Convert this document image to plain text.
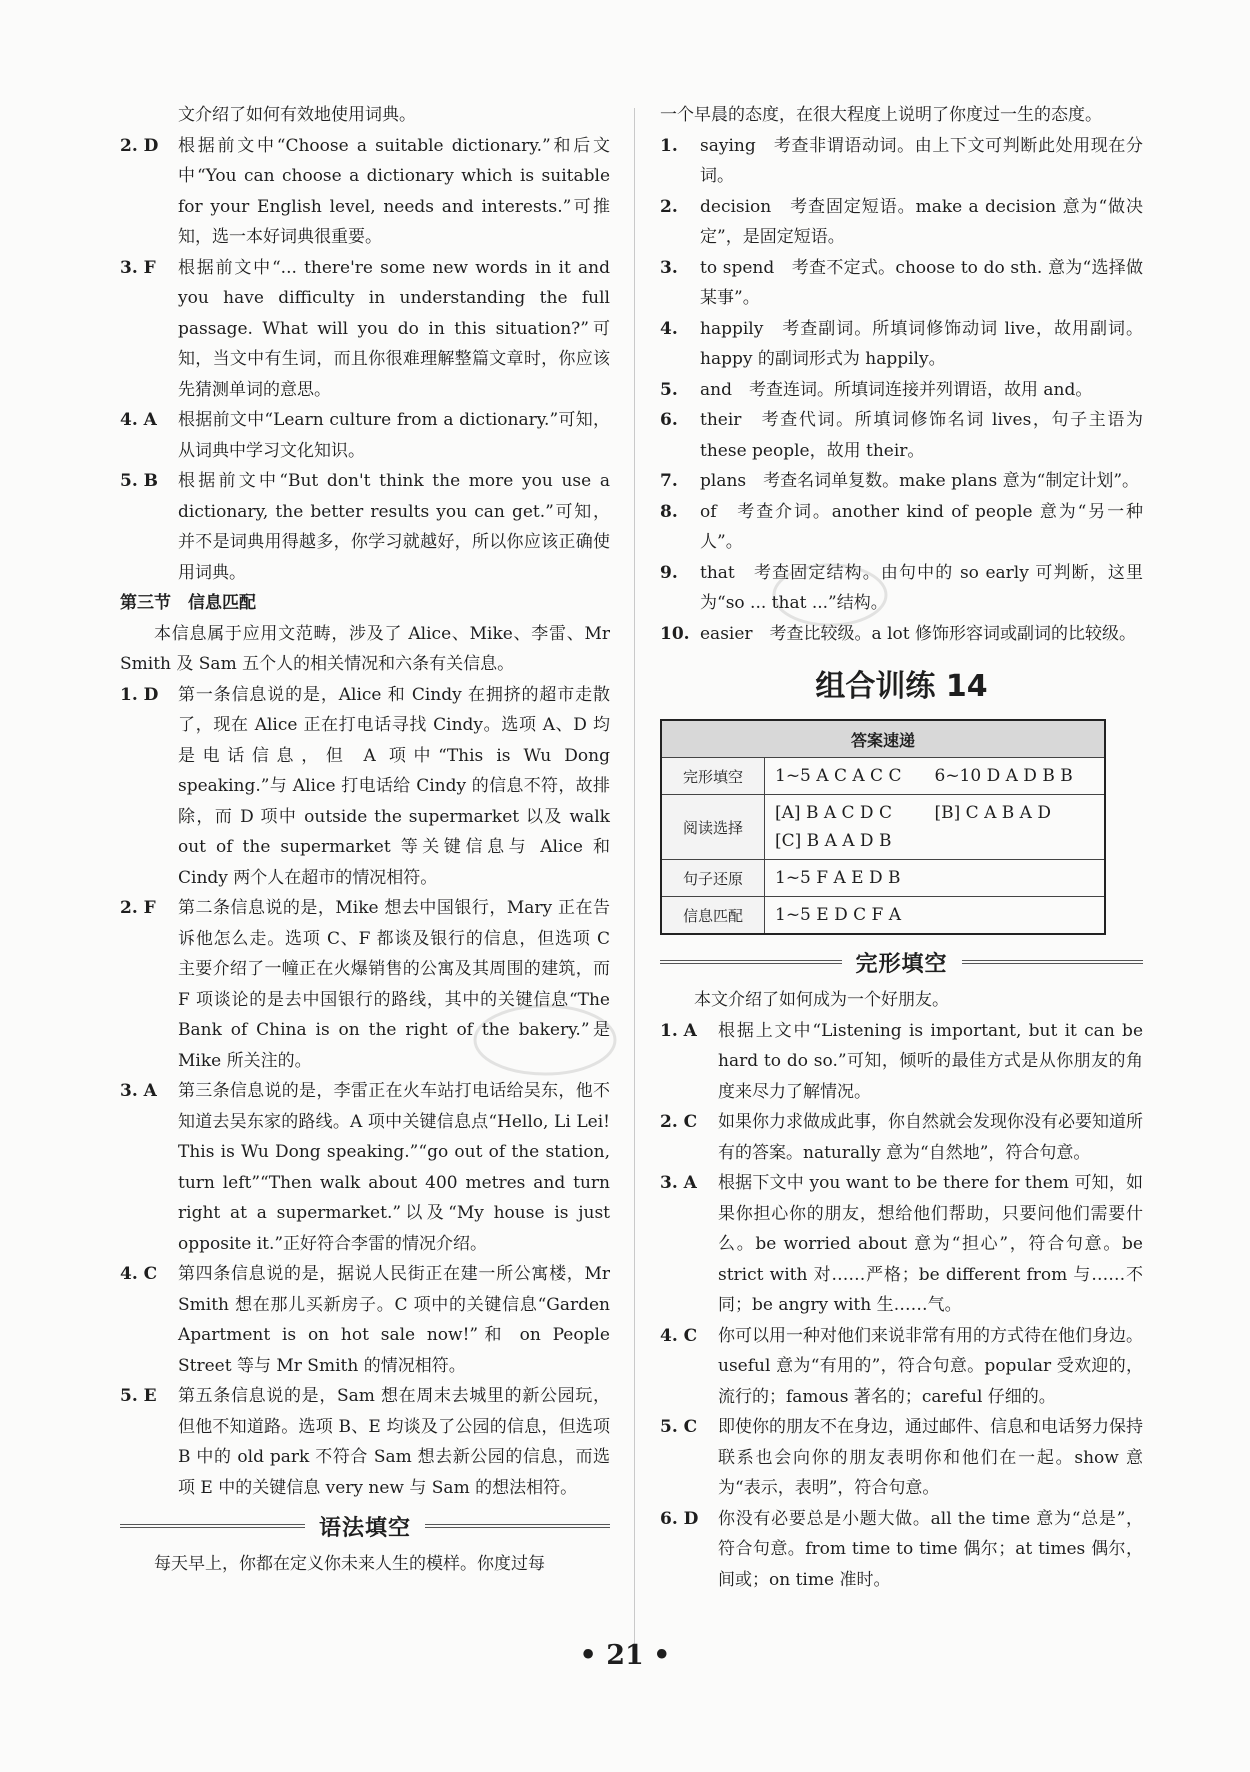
文介绍了如何有效地使用词典。

2. D	根据前文中“Choose a suitable dictionary.”和后文中“You can choose a dictionary which is suitable for your English level, needs and interests.”可推知，选一本好词典很重要。
3. F	根据前文中“... there're some new words in it and you have difficulty in understanding the full passage. What will you do in this situation?”可知，当文中有生词，而且你很难理解整篇文章时，你应该先猜测单词的意思。
4. A	根据前文中“Learn culture from a dictionary.”可知，从词典中学习文化知识。
5. B	根据前文中“But don't think the more you use a dictionary, the better results you can get.”可知，并不是词典用得越多，你学习就越好，所以你应该正确使用词典。

第三节　信息匹配

本信息属于应用文范畴，涉及了 Alice、Mike、李雷、Mr Smith 及 Sam 五个人的相关情况和六条有关信息。

1. D	第一条信息说的是，Alice 和 Cindy 在拥挤的超市走散了，现在 Alice 正在打电话寻找 Cindy。选项 A、D 均是电话信息，但 A 项中“This is Wu Dong speaking.”与 Alice 打电话给 Cindy 的信息不符，故排除，而 D 项中 outside the supermarket 以及 walk out of the supermarket 等关键信息与 Alice 和 Cindy 两个人在超市的情况相符。
2. F	第二条信息说的是，Mike 想去中国银行，Mary 正在告诉他怎么走。选项 C、F 都谈及银行的信息，但选项 C 主要介绍了一幢正在火爆销售的公寓及其周围的建筑，而 F 项谈论的是去中国银行的路线，其中的关键信息“The Bank of China is on the right of the bakery.”是 Mike 所关注的。
3. A	第三条信息说的是，李雷正在火车站打电话给吴东，他不知道去吴东家的路线。A 项中关键信息点“Hello, Li Lei! This is Wu Dong speaking.”“go out of the station, turn left”“Then walk about 400 metres and turn right at a supermarket.”以及“My house is just opposite it.”正好符合李雷的情况介绍。
4. C	第四条信息说的是，据说人民街正在建一所公寓楼，Mr Smith 想在那儿买新房子。C 项中的关键信息“Garden Apartment is on hot sale now!”和 on People Street 等与 Mr Smith 的情况相符。
5. E	第五条信息说的是，Sam 想在周末去城里的新公园玩，但他不知道路。选项 B、E 均谈及了公园的信息，但选项 B 中的 old park 不符合 Sam 想去新公园的信息，而选项 E 中的关键信息 very new 与 Sam 的想法相符。
语法填空

每天早上，你都在定义你未来人生的模样。你度过每

一个早晨的态度，在很大程度上说明了你度过一生的态度。

1.	saying　考查非谓语动词。由上下文可判断此处用现在分词。
2.	decision　考查固定短语。make a decision 意为“做决定”，是固定短语。
3.	to spend　考查不定式。choose to do sth. 意为“选择做某事”。
4.	happily　考查副词。所填词修饰动词 live，故用副词。happy 的副词形式为 happily。
5.	and　考查连词。所填词连接并列谓语，故用 and。
6.	their　考查代词。所填词修饰名词 lives，句子主语为 these people，故用 their。
7.	plans　考查名词单复数。make plans 意为“制定计划”。
8.	of　考查介词。another kind of people 意为“另一种人”。
9.	that　考查固定结构。由句中的 so early 可判断，这里为“so ... that ...”结构。
10. easier　考查比较级。a lot 修饰形容词或副词的比较级。
组合训练 14
答案速递	
完形填空	1~5 A C A C C 6~10 D A D B B

阅读选择	[A] B A C D C [B] C A B A D
[C] B A A D B

句子还原	1~5 F A E D B

信息匹配	1~5 E D C F A
完形填空

本文介绍了如何成为一个好朋友。

1. A	根据上文中“Listening is important, but it can be hard to do so.”可知，倾听的最佳方式是从你朋友的角度来尽力了解情况。
2. C	如果你力求做成此事，你自然就会发现你没有必要知道所有的答案。naturally 意为“自然地”，符合句意。
3. A	根据下文中 you want to be there for them 可知，如果你担心你的朋友，想给他们帮助，只要问他们需要什么。be worried about 意为“担心”，符合句意。be strict with 对……严格；be different from 与……不同；be angry with 生……气。
4. C	你可以用一种对他们来说非常有用的方式待在他们身边。useful 意为“有用的”，符合句意。popular 受欢迎的，流行的；famous 著名的；careful 仔细的。
5. C	即使你的朋友不在身边，通过邮件、信息和电话努力保持联系也会向你的朋友表明你和他们在一起。show 意为“表示，表明”，符合句意。
6. D	你没有必要总是小题大做。all the time 意为“总是”，符合句意。from time to time 偶尔；at times 偶尔，间或；on time 准时。
• 21 •
